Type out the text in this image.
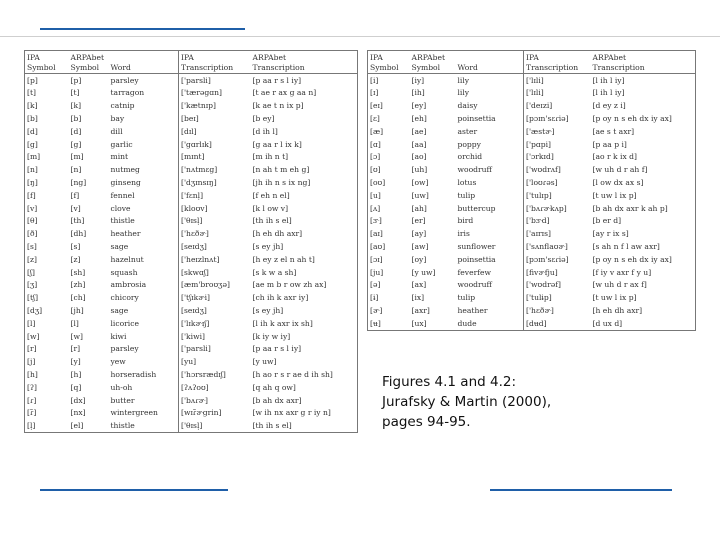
IPA
Symbol	ARPAbet
Symbol	Word	IPA
Transcription	ARPAbet
Transcription
[p]	[p]	parsley	['parsli]	[p aa r s l iy]
[t]	[t]	tarragon	['tærəgɑn]	[t ae r ax g aa n]
[k]	[k]	catnip	['kætnɪp]	[k ae t n ix p]
[b]	[b]	bay	[beɪ]	[b ey]
[d]	[d]	dill	[dɪl]	[d ih l]
[g]	[g]	garlic	['gɑrlɪk]	[g aa r l ix k]
[m]	[m]	mint	[mɪnt]	[m ih n t]
[n]	[n]	nutmeg	['nʌtmɛg]	[n ah t m eh g]
[ŋ]	[ng]	ginseng	['dʒɪnsɪŋ]	[jh ih n s ix ng]
[f]	[f]	fennel	['fɛnl̩]	[f eh n el]
[v]	[v]	clove	[kloʊv]	[k l ow v]
[θ]	[th]	thistle	['θɪsl̩]	[th ih s el]
[ð]	[dh]	heather	['hɛðɚ]	[h eh dh axr]
[s]	[s]	sage	[seɪdʒ]	[s ey jh]
[z]	[z]	hazelnut	['heɪzlnʌt]	[h ey z el n ah t]
[ʃ]	[sh]	squash	[skwɑʃ]	[s k w a sh]
[ʒ]	[zh]	ambrosia	[æm'broʊʒə]	[ae m b r ow zh ax]
[tʃ]	[ch]	chicory	['tʃɪkɚi]	[ch ih k axr iy]
[dʒ]	[jh]	sage	[seɪdʒ]	[s ey jh]
[l]	[l]	licorice	['lɪkɚɪʃ]	[l ih k axr ix sh]
[w]	[w]	kiwi	['kiwi]	[k iy w iy]
[r]	[r]	parsley	['parsli]	[p aa r s l iy]
[j]	[y]	yew	[yu]	[y uw]
[h]	[h]	horseradish	['hɔrsrædɪʃ]	[h ao r s r ae d ih sh]
[ʔ]	[q]	uh-oh	[ʔʌʔoʊ]	[q ah q ow]
[ɾ]	[dx]	butter	['bʌɾɚ]	[b ah dx axr]
[ɾ̃]	[nx]	wintergreen	[wɪɾ̃ɚgrin]	[w ih nx axr g r iy n]
[l̩]	[el]	thistle	['θɪsl̩]	[th ih s el]
IPA
Symbol	ARPAbet
Symbol	Word	IPA
Transcription	ARPAbet
Transcription
[i]	[iy]	lily	['lɪli]	[l ih l iy]
[ɪ]	[ih]	lily	['lɪli]	[l ih l iy]
[eɪ]	[ey]	daisy	['deɪzi]	[d ey z i]
[ɛ]	[eh]	poinsettia	[pɔɪn'sɛɾiə]	[p oy n s eh dx iy ax]
[æ]	[ae]	aster	['æstɚ]	[ae s t axr]
[ɑ]	[aa]	poppy	['pɑpi]	[p aa p i]
[ɔ]	[ao]	orchid	['ɔrkɪd]	[ao r k ix d]
[ʊ]	[uh]	woodruff	['wʊdrʌf]	[w uh d r ah f]
[oʊ]	[ow]	lotus	['loʊɾəs]	[l ow dx ax s]
[u]	[uw]	tulip	['tulɪp]	[t uw l ix p]
[ʌ]	[ah]	buttercup	['bʌɾɚkʌp]	[b ah dx axr k ah p]
[ɝ]	[er]	bird	['bɝd]	[b er d]
[aɪ]	[ay]	iris	['aɪrɪs]	[ay r ix s]
[aʊ]	[aw]	sunflower	['sʌnflaʊɚ]	[s ah n f l aw axr]
[ɔɪ]	[oy]	poinsettia	[pɔɪn'sɛɾiə]	[p oy n s eh dx iy ax]
[ju]	[y uw]	feverfew	[fivɚfju]	[f iy v axr f y u]
[ə]	[ax]	woodruff	['wʊdrəf]	[w uh d r ax f]
[ɨ]	[ix]	tulip	['tulɨp]	[t uw l ix p]
[ɚ]	[axr]	heather	['hɛðɚ]	[h eh dh axr]
[ʉ]	[ux]	dude	[dʉd]	[d ux d]
Figures 4.1 and 4.2:
Jurafsky & Martin (2000),
pages 94-95.
